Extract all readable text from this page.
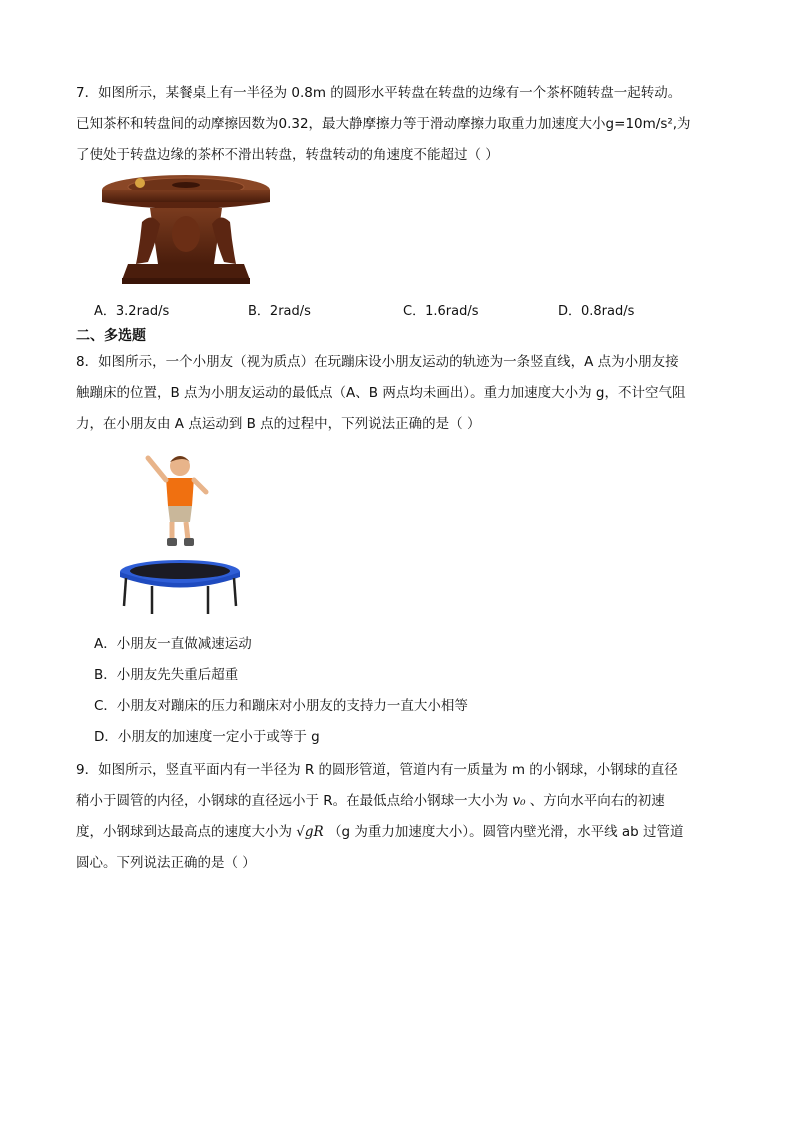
7．如图所示，某餐桌上有一半径为 0.8m 的圆形水平转盘在转盘的边缘有一个茶杯随转盘一起转动。
已知茶杯和转盘间的动摩擦因数为0.32，最大静摩擦力等于滑动摩擦力取重力加速度大小g=10m/s²,为
了使处于转盘边缘的茶杯不滑出转盘，转盘转动的角速度不能超过（ ）
A．3.2rad/s	B．2rad/s	C．1.6rad/s	D．0.8rad/s
二、多选题
8．如图所示，一个小朋友（视为质点）在玩蹦床设小朋友运动的轨迹为一条竖直线，A 点为小朋友接
触蹦床的位置，B 点为小朋友运动的最低点（A、B 两点均未画出）。重力加速度大小为 g，不计空气阻
力，在小朋友由 A 点运动到 B 点的过程中，下列说法正确的是（ ）
A．小朋友一直做减速运动
B．小朋友先失重后超重
C．小朋友对蹦床的压力和蹦床对小朋友的支持力一直大小相等
D．小朋友的加速度一定小于或等于 g
9．如图所示，竖直平面内有一半径为 R 的圆形管道，管道内有一质量为 m 的小钢球，小钢球的直径
稍小于圆管的内径，小钢球的直径远小于 R。在最低点给小钢球一大小为 v₀ 、方向水平向右的初速
度，小钢球到达最高点的速度大小为 √gR （g 为重力加速度大小）。圆管内壁光滑，水平线 ab 过管道
圆心。下列说法正确的是（ ）
